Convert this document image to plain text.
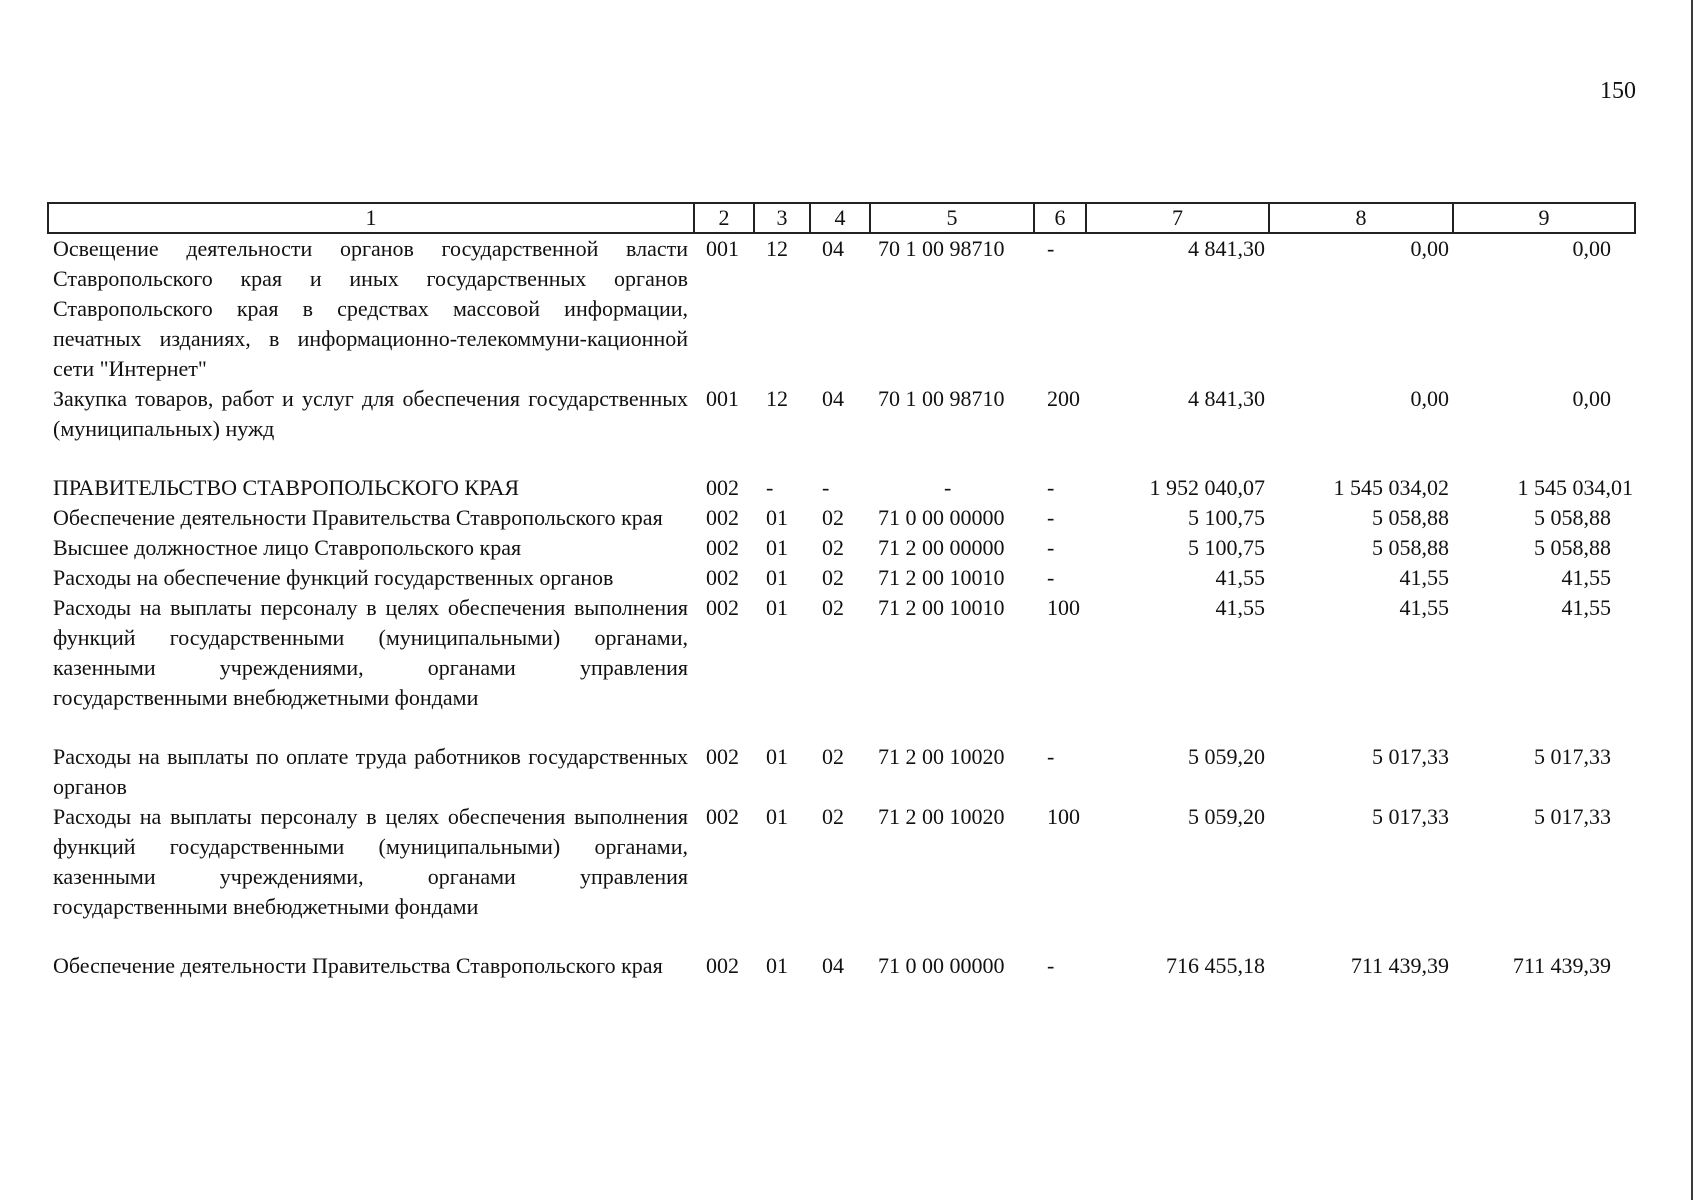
150
1	2	3	4	5	6	7	8	9
Освещение деятельности органов государственной власти Ставропольского края и иных государственных органов Ставропольского края в средствах массовой информации, печатных изданиях, в информационно-телекоммуни-кационной сети "Интернет"	001	12	04	70 1 00 98710	-	4 841,30	0,00	0,00
Закупка товаров, работ и услуг для обеспечения государственных (муниципальных) нужд	001	12	04	70 1 00 98710	200	4 841,30	0,00	0,00
ПРАВИТЕЛЬСТВО СТАВРОПОЛЬСКОГО КРАЯ	002	-	-	-	-	1 952 040,07	1 545 034,02	1 545 034,01
Обеспечение деятельности Правительства Ставропольского края	002	01	02	71 0 00 00000	-	5 100,75	5 058,88	5 058,88
Высшее должностное лицо Ставропольского края	002	01	02	71 2 00 00000	-	5 100,75	5 058,88	5 058,88
Расходы на обеспечение функций государственных органов	002	01	02	71 2 00 10010	-	41,55	41,55	41,55
Расходы на выплаты персоналу в целях обеспечения выполнения функций государственными (муниципальными) органами, казенными учреждениями, органами управления государственными внебюджетными фондами	002	01	02	71 2 00 10010	100	41,55	41,55	41,55
Расходы на выплаты по оплате труда работников государственных органов	002	01	02	71 2 00 10020	-	5 059,20	5 017,33	5 017,33
Расходы на выплаты персоналу в целях обеспечения выполнения функций государственными (муниципальными) органами, казенными учреждениями, органами управления государственными внебюджетными фондами	002	01	02	71 2 00 10020	100	5 059,20	5 017,33	5 017,33
Обеспечение деятельности Правительства Ставропольского края	002	01	04	71 0 00 00000	-	716 455,18	711 439,39	711 439,39
